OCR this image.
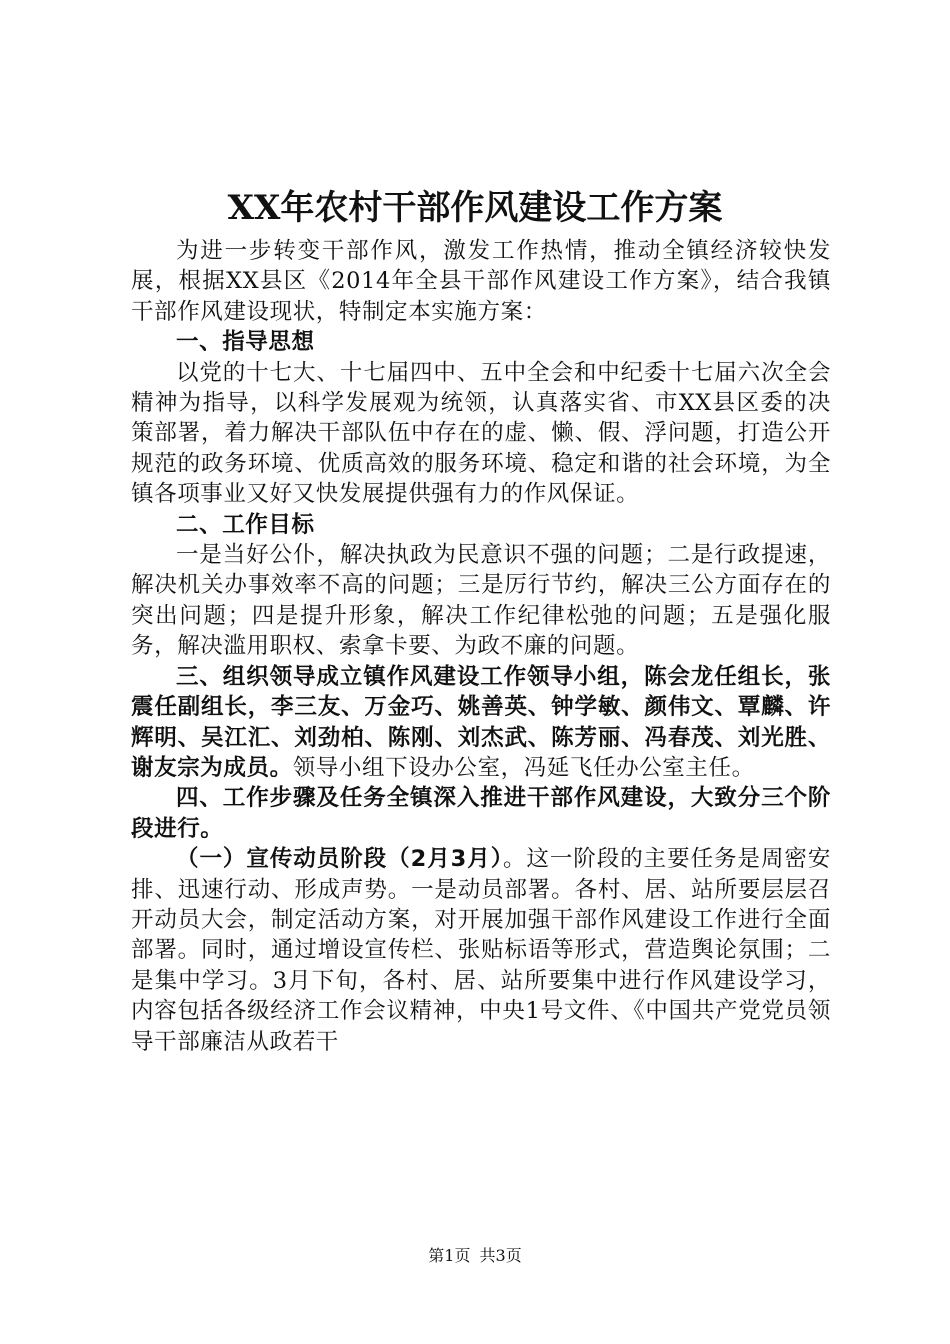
XX年农村干部作风建设工作方案

为进一步转变干部作风，激发工作热情，推动全镇经济较快发展，根据XX县区《2014年全县干部作风建设工作方案》，结合我镇干部作风建设现状，特制定本实施方案：

一、指导思想

以党的十七大、十七届四中、五中全会和中纪委十七届六次全会精神为指导，以科学发展观为统领，认真落实省、市XX县区委的决策部署，着力解决干部队伍中存在的虚、懒、假、浮问题，打造公开规范的政务环境、优质高效的服务环境、稳定和谐的社会环境，为全镇各项事业又好又快发展提供强有力的作风保证。

二、工作目标

一是当好公仆，解决执政为民意识不强的问题；二是行政提速，解决机关办事效率不高的问题；三是厉行节约，解决三公方面存在的突出问题；四是提升形象，解决工作纪律松弛的问题；五是强化服务，解决滥用职权、索拿卡要、为政不廉的问题。

三、组织领导成立镇作风建设工作领导小组，陈会龙任组长，张震任副组长，李三友、万金巧、姚善英、钟学敏、颜伟文、覃麟、许辉明、吴江汇、刘劲柏、陈刚、刘杰武、陈芳丽、冯春茂、刘光胜、谢友宗为成员。领导小组下设办公室，冯延飞任办公室主任。

四、工作步骤及任务全镇深入推进干部作风建设，大致分三个阶段进行。

（一）宣传动员阶段（2月3月）。这一阶段的主要任务是周密安排、迅速行动、形成声势。一是动员部署。各村、居、站所要层层召开动员大会，制定活动方案，对开展加强干部作风建设工作进行全面部署。同时，通过增设宣传栏、张贴标语等形式，营造舆论氛围；二是集中学习。3月下旬，各村、居、站所要集中进行作风建设学习，内容包括各级经济工作会议精神，中央1号文件、《中国共产党党员领导干部廉洁从政若干

第1页 共3页
